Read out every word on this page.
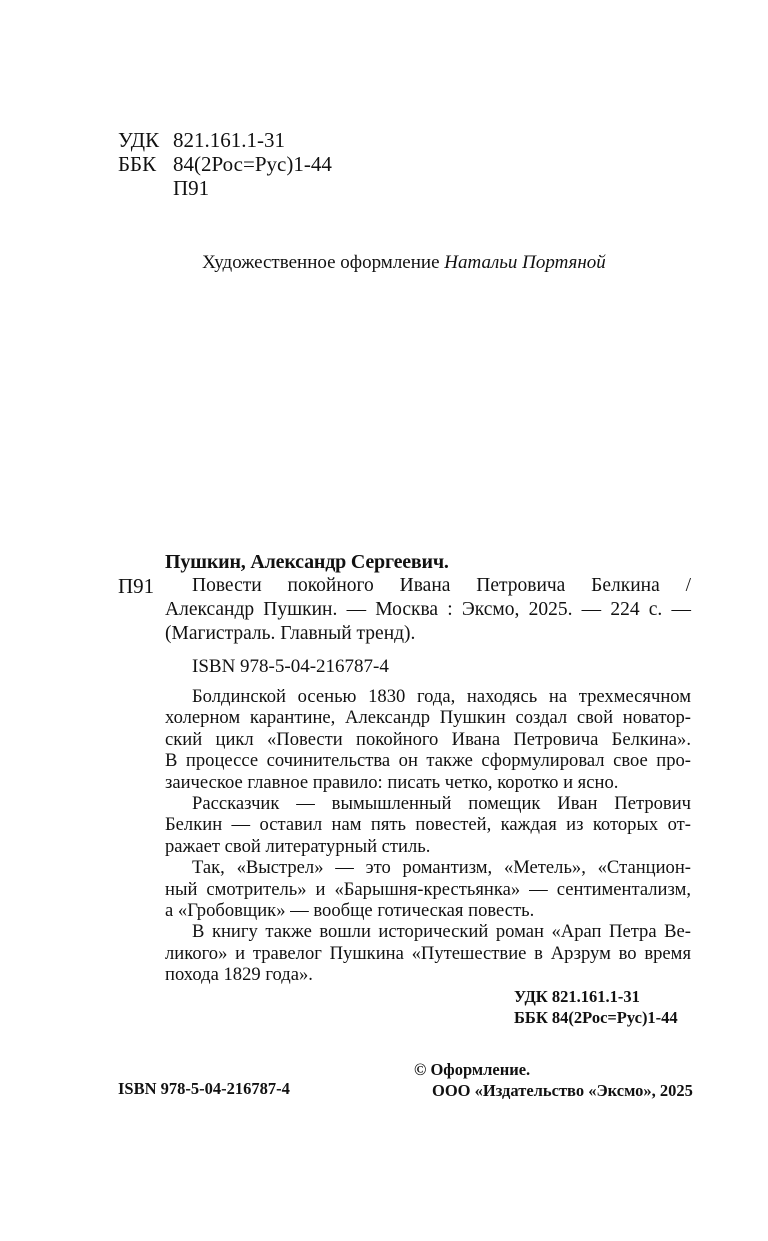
УДК 821.161.1-31
ББК 84(2Рос=Рус)1-44
П91
Художественное оформление Натальи Портяной
Пушкин, Александр Сергеевич.
П91	Повести покойного Ивана Петровича Белкина /
Александр Пушкин. — Москва : Эксмо, 2025. — 224 с. —
(Магистраль. Главный тренд).
ISBN 978-5-04-216787-4
Болдинской осенью 1830 года, находясь на трехмесячном
холерном карантине, Александр Пушкин создал свой новатор-
ский цикл «Повести покойного Ивана Петровича Белкина».
В процессе сочинительства он также сформулировал свое про-
заическое главное правило: писать четко, коротко и ясно.
Рассказчик — вымышленный помещик Иван Петрович
Белкин — оставил нам пять повестей, каждая из которых от-
ражает свой литературный стиль.
Так, «Выстрел» — это романтизм, «Метель», «Станцион-
ный смотритель» и «Барышня-крестьянка» — сентиментализм,
а «Гробовщик» — вообще готическая повесть.
В книгу также вошли исторический роман «Арап Петра Ве-
ликого» и травелог Пушкина «Путешествие в Арзрум во время
похода 1829 года».
УДК 821.161.1-31
ББК 84(2Рос=Рус)1-44
© Оформление.
ООО «Издательство «Эксмо», 2025
ISBN 978-5-04-216787-4
